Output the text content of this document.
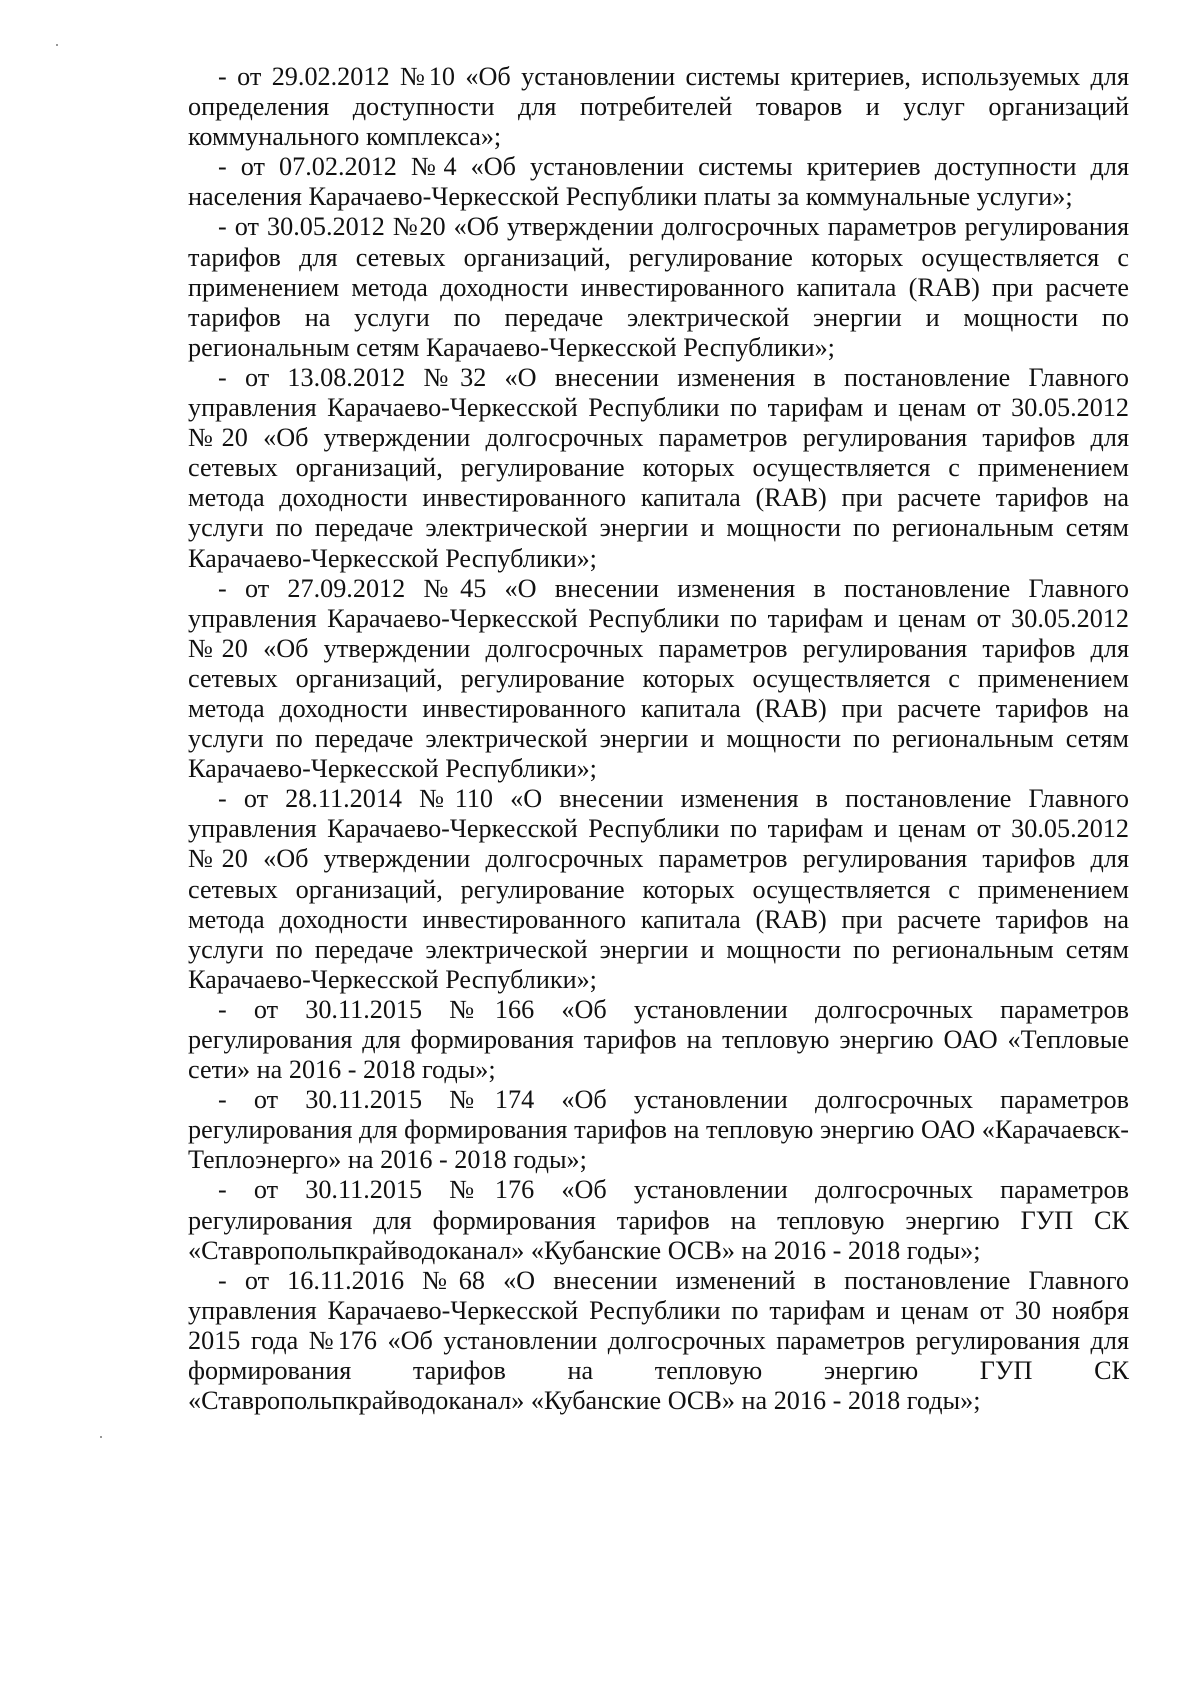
- от 29.02.2012 №10 «Об установлении системы критериев, используемых для определения доступности для потребителей товаров и услуг организаций коммунального комплекса»;

- от 07.02.2012 №4 «Об установлении системы критериев доступности для населения Карачаево-Черкесской Республики платы за коммунальные услуги»;

- от 30.05.2012 №20 «Об утверждении долгосрочных параметров регулирования тарифов для сетевых организаций, регулирование которых осуществляется с применением метода доходности инвестированного капитала (RAB) при расчете тарифов на услуги по передаче электрической энергии и мощности по региональным сетям Карачаево-Черкесской Республики»;

- от 13.08.2012 №32 «О внесении изменения в постановление Главного управления Карачаево-Черкесской Республики по тарифам и ценам от 30.05.2012 №20 «Об утверждении долгосрочных параметров регулирования тарифов для сетевых организаций, регулирование которых осуществляется с применением метода доходности инвестированного капитала (RAB) при расчете тарифов на услуги по передаче электрической энергии и мощности по региональным сетям Карачаево-Черкесской Республики»;

- от 27.09.2012 №45 «О внесении изменения в постановление Главного управления Карачаево-Черкесской Республики по тарифам и ценам от 30.05.2012 №20 «Об утверждении долгосрочных параметров регулирования тарифов для сетевых организаций, регулирование которых осуществляется с применением метода доходности инвестированного капитала (RAB) при расчете тарифов на услуги по передаче электрической энергии и мощности по региональным сетям Карачаево-Черкесской Республики»;

- от 28.11.2014 №110 «О внесении изменения в постановление Главного управления Карачаево-Черкесской Республики по тарифам и ценам от 30.05.2012 №20 «Об утверждении долгосрочных параметров регулирования тарифов для сетевых организаций, регулирование которых осуществляется с применением метода доходности инвестированного капитала (RAB) при расчете тарифов на услуги по передаче электрической энергии и мощности по региональным сетям Карачаево-Черкесской Республики»;

- от 30.11.2015 №166 «Об установлении долгосрочных параметров регулирования для формирования тарифов на тепловую энергию ОАО «Тепловые сети» на 2016 - 2018 годы»;

- от 30.11.2015 №174 «Об установлении долгосрочных параметров регулирования для формирования тарифов на тепловую энергию ОАО «Карачаевск-Теплоэнерго» на 2016 - 2018 годы»;

- от 30.11.2015 №176 «Об установлении долгосрочных параметров регулирования для формирования тарифов на тепловую энергию ГУП СК «Ставропольпкрайводоканал» «Кубанские ОСВ» на 2016 - 2018 годы»;

- от 16.11.2016 №68 «О внесении изменений в постановление Главного управления Карачаево-Черкесской Республики по тарифам и ценам от 30 ноября 2015 года №176 «Об установлении долгосрочных параметров регулирования для формирования тарифов на тепловую энергию ГУП СК «Ставропольпкрайводоканал» «Кубанские ОСВ» на 2016 - 2018 годы»;
